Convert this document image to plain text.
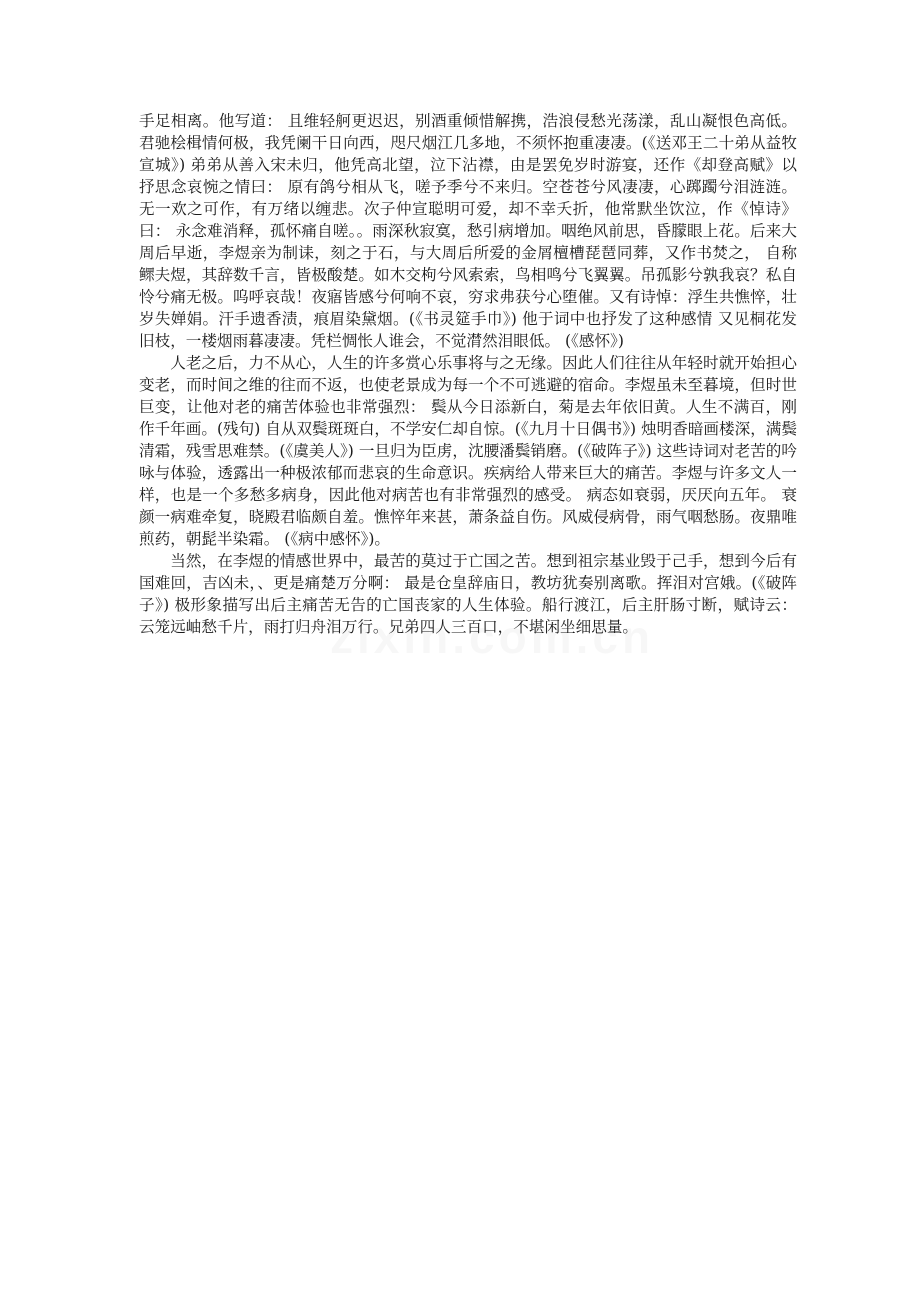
手足相离。他写道： 且维轻舸更迟迟，别酒重倾惜解携，浩浪侵愁光荡漾，乱山凝恨色高低。君驰桧楫情何极，我凭阑干日向西，咫尺烟江几多地，不须怀抱重凄凄。(《送邓王二十弟从益牧宣城》) 弟弟从善入宋未归，他凭高北望，泣下沾襟，由是罢免岁时游宴，还作《却登高赋》以抒思念哀惋之情曰： 原有鸽兮相从飞，嗟予季兮不来归。空苍苍兮风凄凄，心踯躅兮泪涟涟。无一欢之可作，有万绪以缠悲。次子仲宣聪明可爱，却不幸夭折，他常默坐饮泣，作《悼诗》曰： 永念难消释，孤怀痛自嗟。。雨深秋寂寞，愁引病增加。咽绝风前思，昏朦眼上花。后来大周后早逝，李煜亲为制诔，刻之于石，与大周后所爱的金屑檀槽琵琶同葬，又作书焚之， 自称鳏夫煜，其辞数千言，皆极酸楚。如木交枸兮风索索，鸟相鸣兮飞翼翼。吊孤影兮孰我哀？私自怜兮痛无极。呜呼哀哉！夜寤皆感兮何响不哀，穷求弗获兮心堕催。又有诗悼：浮生共憔悴，壮岁失婵娟。汗手遗香渍，痕眉染黛烟。(《书灵筵手巾》) 他于词中也抒发了这种感情 又见桐花发旧枝，一楼烟雨暮凄凄。凭栏惆怅人谁会，不觉潸然泪眼低。 (《感怀》)

人老之后，力不从心，人生的许多赏心乐事将与之无缘。因此人们往往从年轻时就开始担心变老，而时间之维的往而不返，也使老景成为每一个不可逃避的宿命。李煜虽未至暮境，但时世巨变，让他对老的痛苦体验也非常强烈： 鬓从今日添新白，菊是去年依旧黄。人生不满百，刚作千年画。(残句) 自从双鬓斑斑白，不学安仁却自惊。(《九月十日偶书》) 烛明香暗画楼深，满鬓清霜，残雪思难禁。(《虞美人》) 一旦归为臣虏，沈腰潘鬓销磨。(《破阵子》) 这些诗词对老苦的吟咏与体验，透露出一种极浓郁而悲哀的生命意识。疾病给人带来巨大的痛苦。李煜与许多文人一样，也是一个多愁多病身，因此他对病苦也有非常强烈的感受。 病态如衰弱，厌厌向五年。 衰颜一病难牵复，晓殿君临颇自羞。憔悴年来甚，萧条益自伤。风威侵病骨，雨气咽愁肠。夜鼎唯煎药，朝髭半染霜。 (《病中感怀》)。

当然，在李煜的情感世界中，最苦的莫过于亡国之苦。想到祖宗基业毁于己手，想到今后有国难回，吉凶未，、更是痛楚万分啊： 最是仓皇辞庙日，教坊犹奏别离歌。挥泪对宫娥。(《破阵子》) 极形象描写出后主痛苦无告的亡国丧家的人生体验。船行渡江，后主肝肠寸断，赋诗云： 云笼远岫愁千片，雨打归舟泪万行。兄弟四人三百口，不堪闲坐细思量。
